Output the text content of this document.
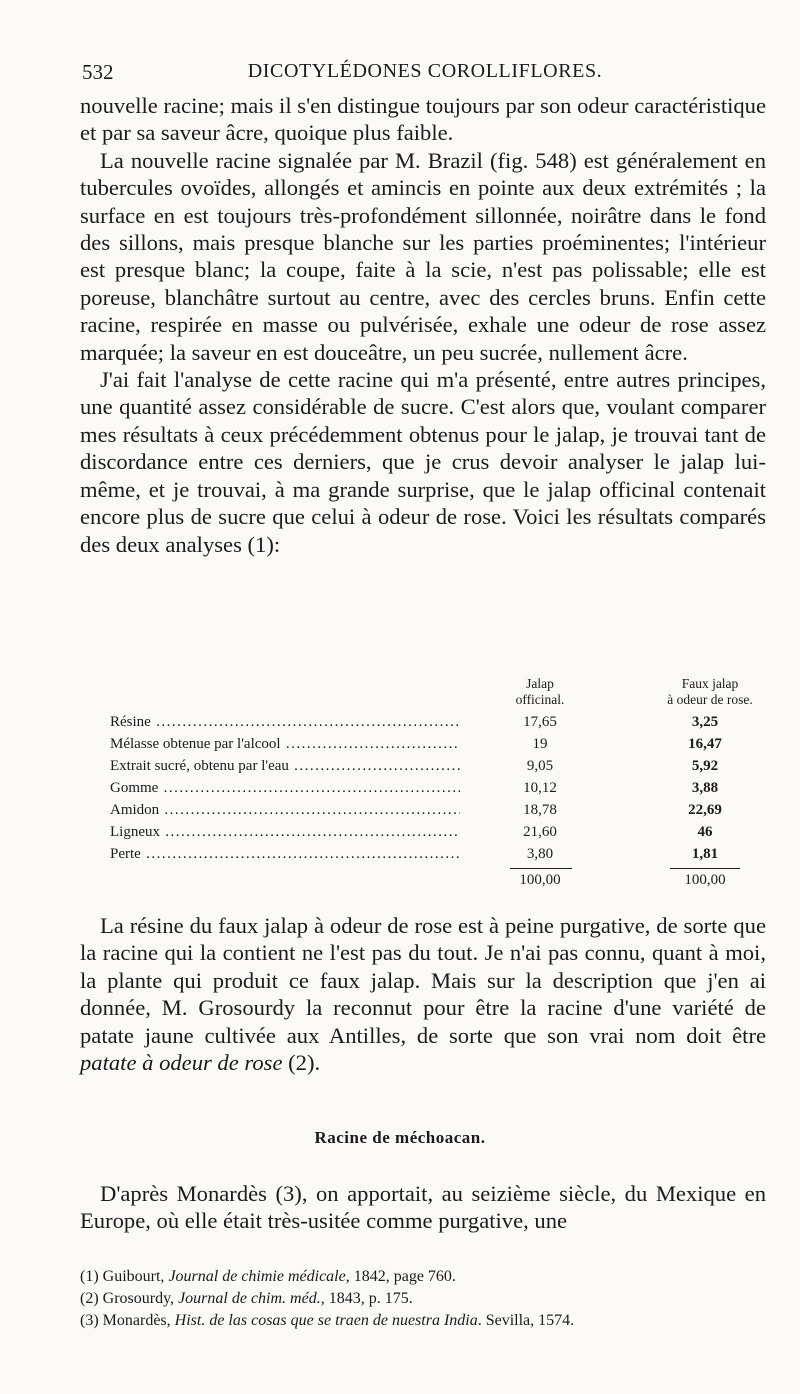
532	DICOTYLÉDONES COROLLIFLORES.

nouvelle racine; mais il s'en distingue toujours par son odeur caractéristique et par sa saveur âcre, quoique plus faible.

La nouvelle racine signalée par M. Brazil (fig. 548) est généralement en tubercules ovoïdes, allongés et amincis en pointe aux deux extrémités ; la surface en est toujours très-profondément sillonnée, noirâtre dans le fond des sillons, mais presque blanche sur les parties proéminentes; l'intérieur est presque blanc; la coupe, faite à la scie, n'est pas polissable; elle est poreuse, blanchâtre surtout au centre, avec des cercles bruns. Enfin cette racine, respirée en masse ou pulvérisée, exhale une odeur de rose assez marquée; la saveur en est douceâtre, un peu sucrée, nullement âcre.

J'ai fait l'analyse de cette racine qui m'a présenté, entre autres principes, une quantité assez considérable de sucre. C'est alors que, voulant comparer mes résultats à ceux précédemment obtenus pour le jalap, je trouvai tant de discordance entre ces derniers, que je crus devoir analyser le jalap lui-même, et je trouvai, à ma grande surprise, que le jalap officinal contenait encore plus de sucre que celui à odeur de rose. Voici les résultats comparés des deux analyses (1):

Jalap
officinal.
Faux jalap
à odeur de rose.
Résine .....	17,65	3,25
Mélasse obtenue par l'alcool .....	19	16,47
Extrait sucré, obtenu par l'eau .....	9,05	5,92
Gomme .....	10,12	3,88
Amidon .....	18,78	22,69
Ligneux .....	21,60	46
Perte .....	3,80	1,81
100,00	100,00

La résine du faux jalap à odeur de rose est à peine purgative, de sorte que la racine qui la contient ne l'est pas du tout. Je n'ai pas connu, quant à moi, la plante qui produit ce faux jalap. Mais sur la description que j'en ai donnée, M. Grosourdy la reconnut pour être la racine d'une variété de patate jaune cultivée aux Antilles, de sorte que son vrai nom doit être patate à odeur de rose (2).

Racine de méchoacan.

D'après Monardès (3), on apportait, au seizième siècle, du Mexique en Europe, où elle était très-usitée comme purgative, une

(1) Guibourt, Journal de chimie médicale, 1842, page 760.
(2) Grosourdy, Journal de chim. méd., 1843, p. 175.
(3) Monardès, Hist. de las cosas que se traen de nuestra India. Sevilla, 1574.
